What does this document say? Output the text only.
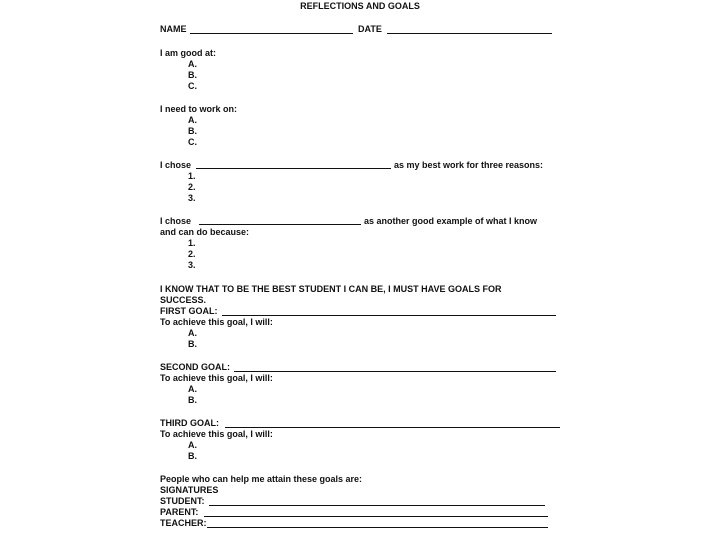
REFLECTIONS AND GOALS
NAME	DATE
I am good at:
A.
B.
C.
I need to work on:
A.
B.
C.
I chose	as my best work for three reasons:
1.
2.
3.
I chose	as another good example of what I know
and can do because:
1.
2.
3.
I KNOW THAT TO BE THE BEST STUDENT I CAN BE, I MUST HAVE GOALS FOR
SUCCESS.
FIRST GOAL:
To achieve this goal, I will:
A.
B.
SECOND GOAL:
To achieve this goal, I will:
A.
B.
THIRD GOAL:
To achieve this goal, I will:
A.
B.
People who can help me attain these goals are:
SIGNATURES
STUDENT:
PARENT:
TEACHER:
